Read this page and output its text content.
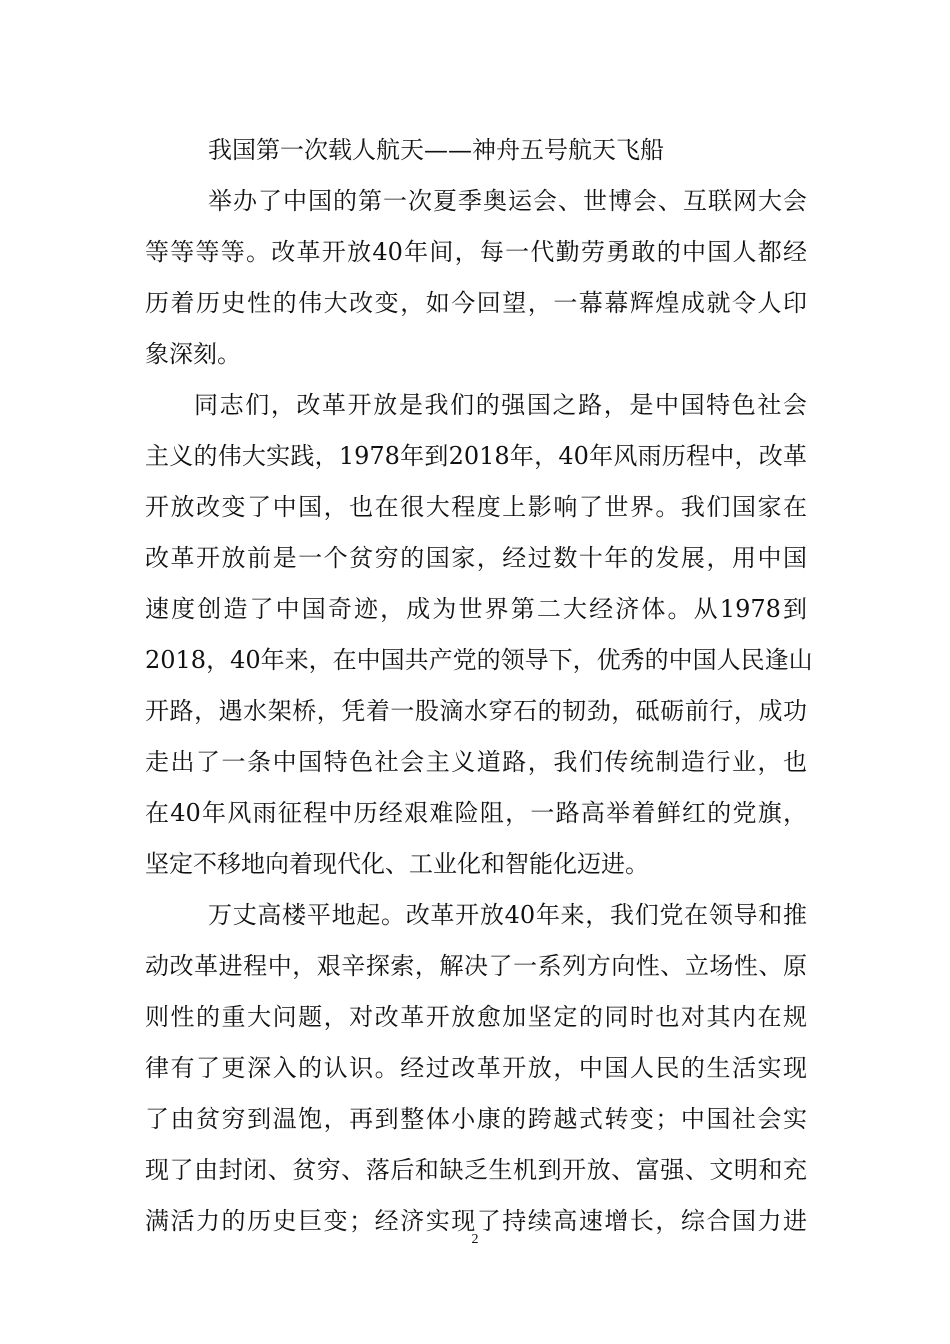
我国第一次载人航天——神舟五号航天飞船
举办了中国的第一次夏季奥运会、世博会、互联网大会
等等等等。改革开放40年间，每一代勤劳勇敢的中国人都经
历着历史性的伟大改变，如今回望，一幕幕辉煌成就令人印
象深刻。
同志们，改革开放是我们的强国之路，是中国特色社会
主义的伟大实践，1978年到2018年，40年风雨历程中，改革
开放改变了中国，也在很大程度上影响了世界。我们国家在
改革开放前是一个贫穷的国家，经过数十年的发展，用中国
速度创造了中国奇迹，成为世界第二大经济体。从1978到
2018，40年来，在中国共产党的领导下，优秀的中国人民逢山
开路，遇水架桥，凭着一股滴水穿石的韧劲，砥砺前行，成功
走出了一条中国特色社会主义道路，我们传统制造行业，也
在40年风雨征程中历经艰难险阻，一路高举着鲜红的党旗，
坚定不移地向着现代化、工业化和智能化迈进。
万丈高楼平地起。改革开放40年来，我们党在领导和推
动改革进程中，艰辛探索，解决了一系列方向性、立场性、原
则性的重大问题，对改革开放愈加坚定的同时也对其内在规
律有了更深入的认识。经过改革开放，中国人民的生活实现
了由贫穷到温饱，再到整体小康的跨越式转变；中国社会实
现了由封闭、贫穷、落后和缺乏生机到开放、富强、文明和充
满活力的历史巨变；经济实现了持续高速增长，综合国力进
2
